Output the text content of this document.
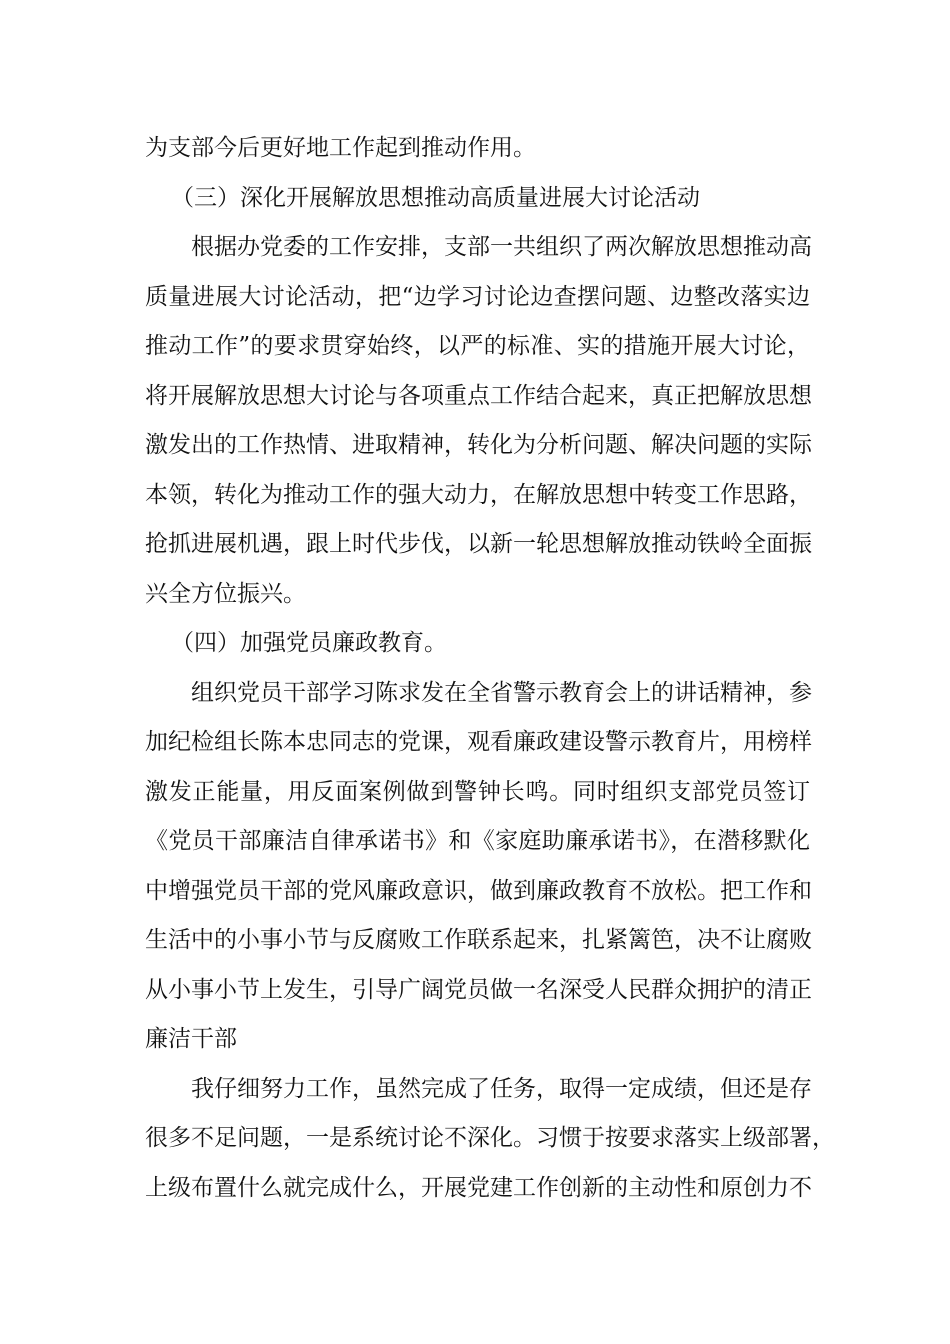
为支部今后更好地工作起到推动作用。
（三）深化开展解放思想推动高质量进展大讨论活动
根据办党委的工作安排，支部一共组织了两次解放思想推动高
质量进展大讨论活动，把“边学习讨论边查摆问题、边整改落实边
推动工作”的要求贯穿始终，以严的标准、实的措施开展大讨论，
将开展解放思想大讨论与各项重点工作结合起来，真正把解放思想
激发出的工作热情、进取精神，转化为分析问题、解决问题的实际
本领，转化为推动工作的强大动力，在解放思想中转变工作思路，
抢抓进展机遇，跟上时代步伐，以新一轮思想解放推动铁岭全面振
兴全方位振兴。
（四）加强党员廉政教育。
组织党员干部学习陈求发在全省警示教育会上的讲话精神，参
加纪检组长陈本忠同志的党课，观看廉政建设警示教育片，用榜样
激发正能量，用反面案例做到警钟长鸣。同时组织支部党员签订
《党员干部廉洁自律承诺书》和《家庭助廉承诺书》，在潜移默化
中增强党员干部的党风廉政意识，做到廉政教育不放松。把工作和
生活中的小事小节与反腐败工作联系起来，扎紧篱笆，决不让腐败
从小事小节上发生，引导广阔党员做一名深受人民群众拥护的清正
廉洁干部
我仔细努力工作，虽然完成了任务，取得一定成绩，但还是存
很多不足问题，一是系统讨论不深化。习惯于按要求落实上级部署，
上级布置什么就完成什么，开展党建工作创新的主动性和原创力不
